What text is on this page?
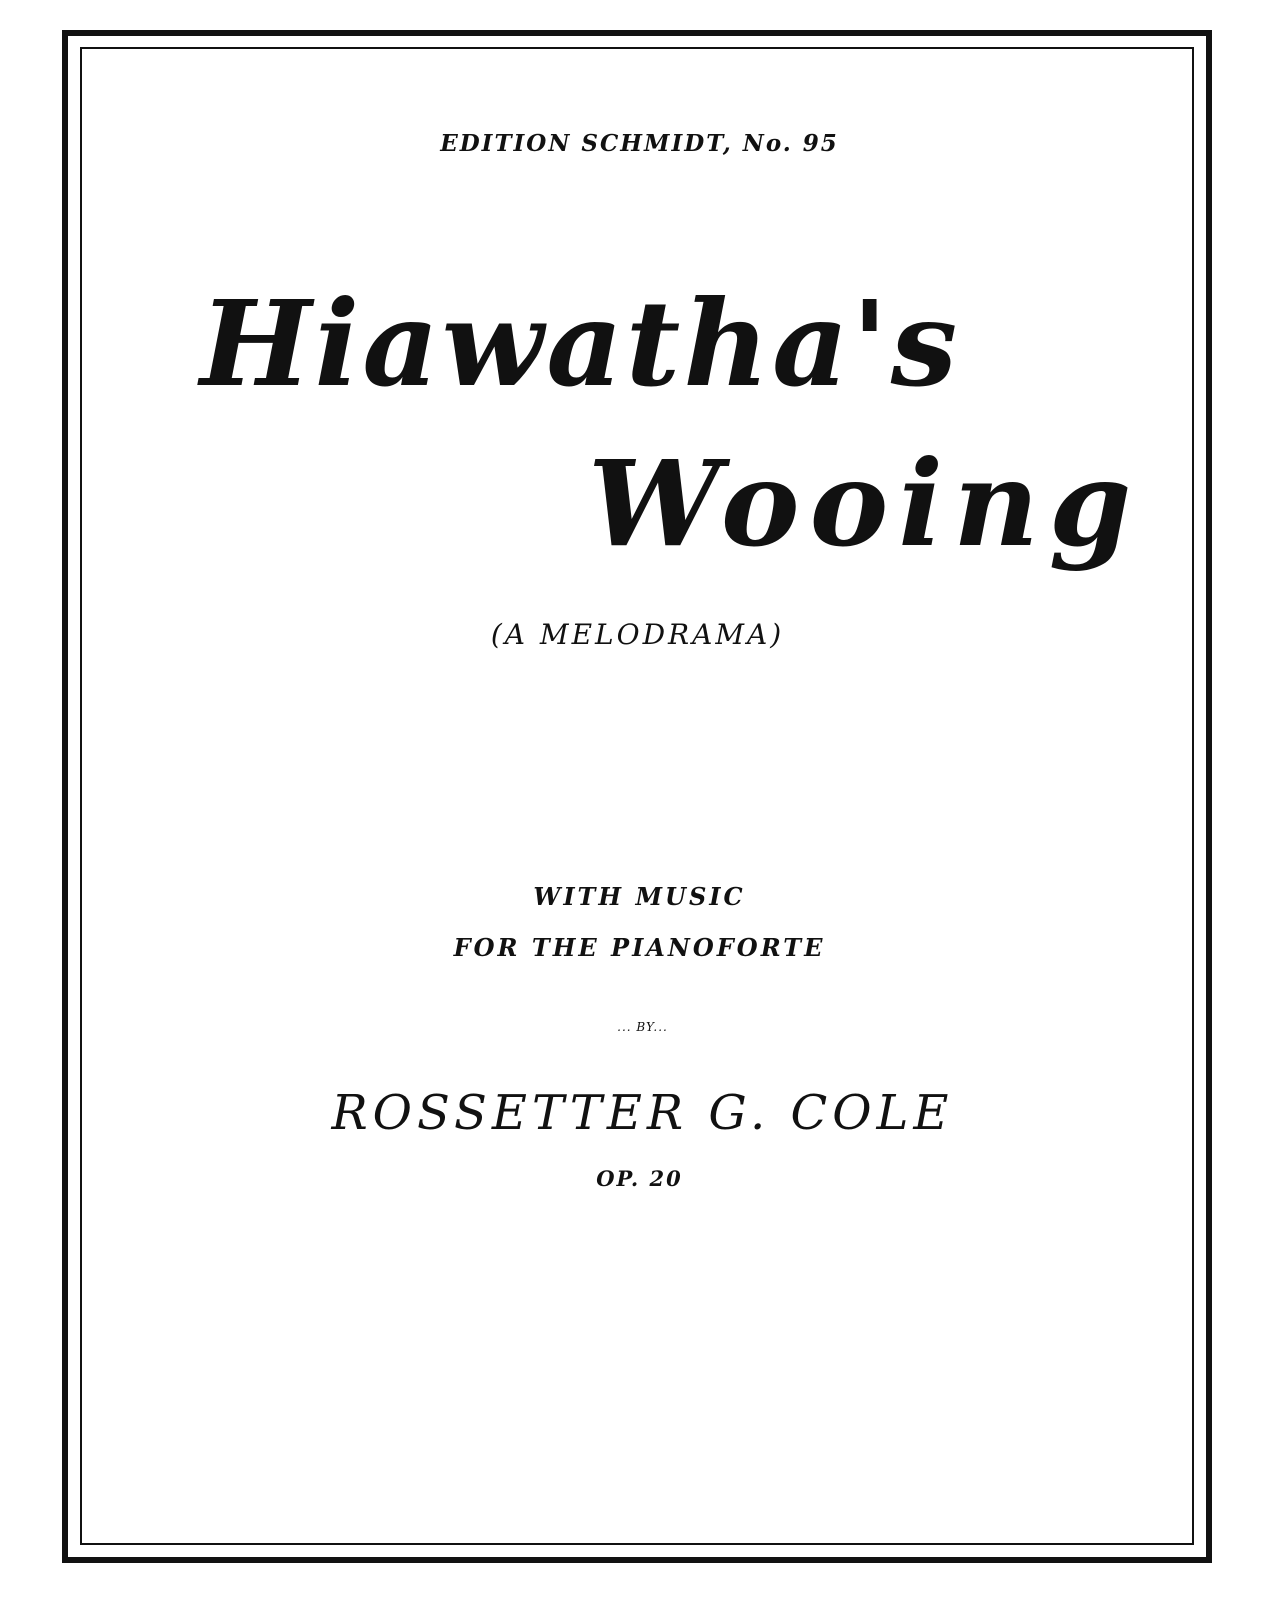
EDITION SCHMIDT, No. 95

Hiawatha's
Wooing

(A MELODRAMA)

WITH MUSIC

FOR THE PIANOFORTE

... BY...

ROSSETTER G. COLE

OP. 20
